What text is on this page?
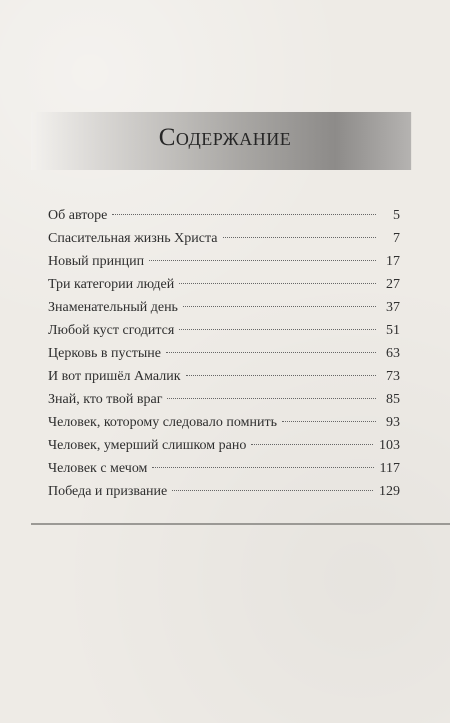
Содержание
Об авторе	5
Спасительная жизнь Христа	7
Новый принцип	17
Три категории людей	27
Знаменательный день	37
Любой куст сгодится	51
Церковь в пустыне	63
И вот пришёл Амалик	73
Знай, кто твой враг	85
Человек, которому следовало помнить	93
Человек, умерший слишком рано	103
Человек с мечом	117
Победа и призвание	129
